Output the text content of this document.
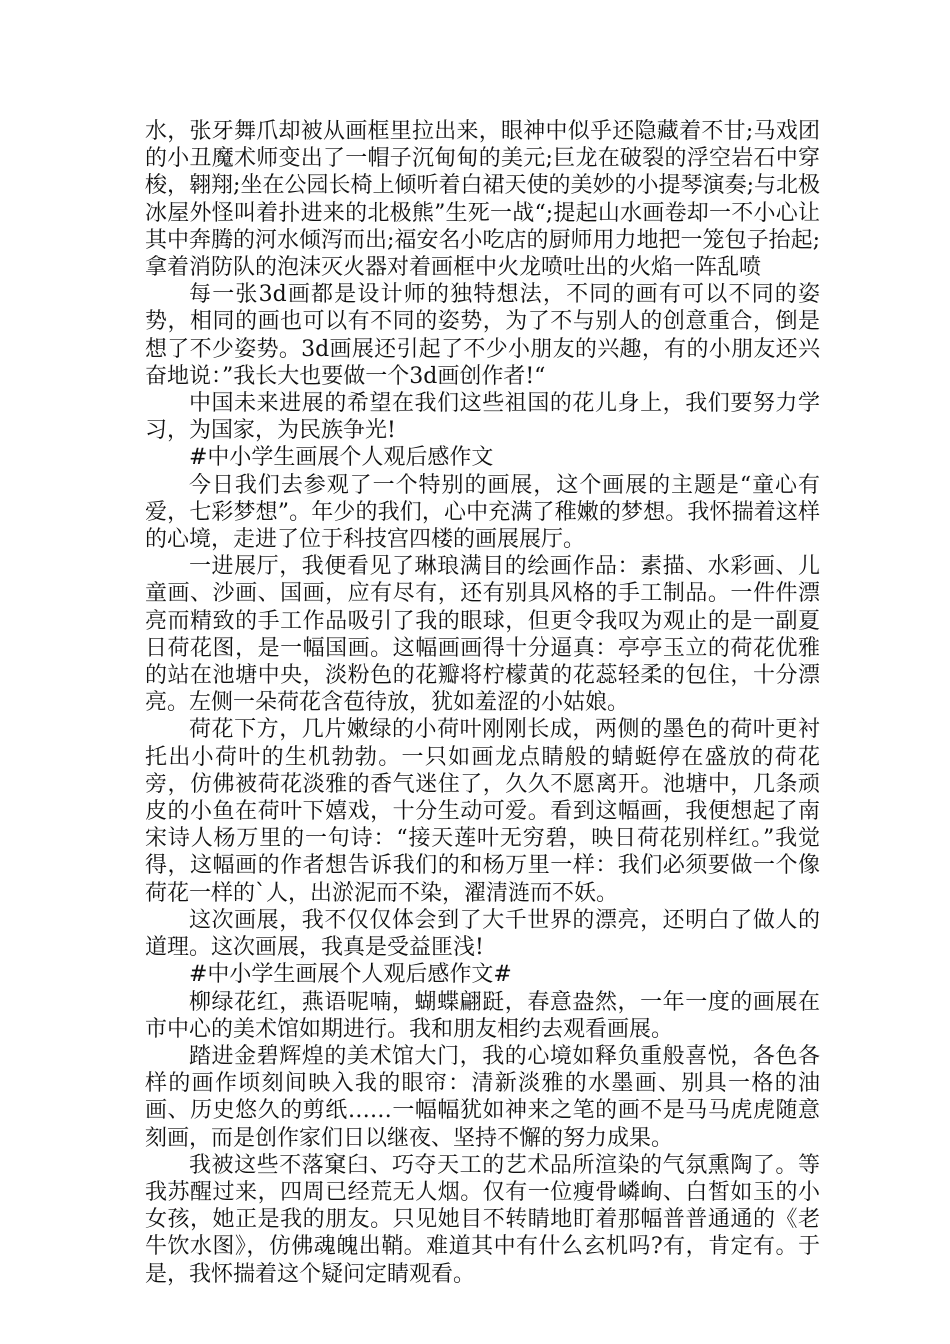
水，张牙舞爪却被从画框里拉出来，眼神中似乎还隐藏着不甘;马戏团的小丑魔术师变出了一帽子沉甸甸的美元;巨龙在破裂的浮空岩石中穿梭，翱翔;坐在公园长椅上倾听着白裙天使的美妙的小提琴演奏;与北极冰屋外怪叫着扑进来的北极熊”生死一战“;提起山水画卷却一不小心让其中奔腾的河水倾泻而出;福安名小吃店的厨师用力地把一笼包子抬起;拿着消防队的泡沫灭火器对着画框中火龙喷吐出的火焰一阵乱喷

每一张3d画都是设计师的独特想法，不同的画有可以不同的姿势，相同的画也可以有不同的姿势，为了不与别人的创意重合，倒是想了不少姿势。3d画展还引起了不少小朋友的兴趣，有的小朋友还兴奋地说：”我长大也要做一个3d画创作者!“

中国未来进展的希望在我们这些祖国的花儿身上，我们要努力学习，为国家，为民族争光!

#中小学生画展个人观后感作文

今日我们去参观了一个特别的画展，这个画展的主题是“童心有爱，七彩梦想”。年少的我们，心中充满了稚嫩的梦想。我怀揣着这样的心境，走进了位于科技宫四楼的画展展厅。

一进展厅，我便看见了琳琅满目的绘画作品：素描、水彩画、儿童画、沙画、国画，应有尽有，还有别具风格的手工制品。一件件漂亮而精致的手工作品吸引了我的眼球，但更令我叹为观止的是一副夏日荷花图，是一幅国画。这幅画画得十分逼真：亭亭玉立的荷花优雅的站在池塘中央，淡粉色的花瓣将柠檬黄的花蕊轻柔的包住，十分漂亮。左侧一朵荷花含苞待放，犹如羞涩的小姑娘。

荷花下方，几片嫩绿的小荷叶刚刚长成，两侧的墨色的荷叶更衬托出小荷叶的生机勃勃。一只如画龙点睛般的蜻蜓停在盛放的荷花旁，仿佛被荷花淡雅的香气迷住了，久久不愿离开。池塘中，几条顽皮的小鱼在荷叶下嬉戏，十分生动可爱。看到这幅画，我便想起了南宋诗人杨万里的一句诗：“接天莲叶无穷碧，映日荷花别样红。”我觉得，这幅画的作者想告诉我们的和杨万里一样：我们必须要做一个像荷花一样的`人，出淤泥而不染，濯清涟而不妖。

这次画展，我不仅仅体会到了大千世界的漂亮，还明白了做人的道理。这次画展，我真是受益匪浅!

#中小学生画展个人观后感作文#

柳绿花红，燕语呢喃，蝴蝶翩跹，春意盎然，一年一度的画展在市中心的美术馆如期进行。我和朋友相约去观看画展。

踏进金碧辉煌的美术馆大门，我的心境如释负重般喜悦，各色各样的画作顷刻间映入我的眼帘：清新淡雅的水墨画、别具一格的油画、历史悠久的剪纸……一幅幅犹如神来之笔的画不是马马虎虎随意刻画，而是创作家们日以继夜、坚持不懈的努力成果。

我被这些不落窠臼、巧夺天工的艺术品所渲染的气氛熏陶了。等我苏醒过来，四周已经荒无人烟。仅有一位瘦骨嶙峋、白皙如玉的小女孩，她正是我的朋友。只见她目不转睛地盯着那幅普普通通的《老牛饮水图》，仿佛魂魄出鞘。难道其中有什么玄机吗?有，肯定有。于是，我怀揣着这个疑问定睛观看。
